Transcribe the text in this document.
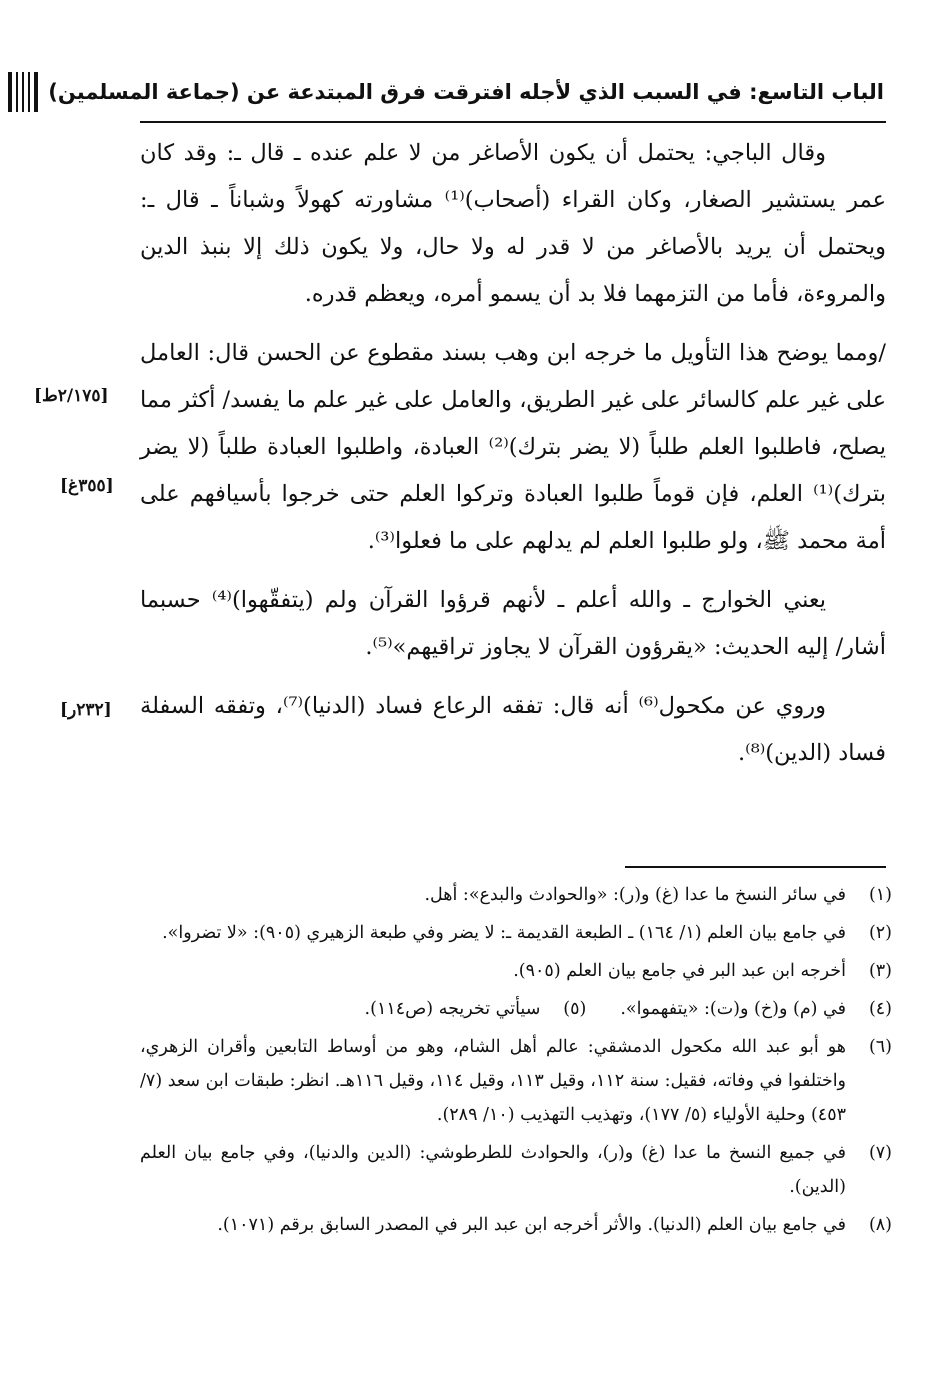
الباب التاسع: في السبب الذي لأجله افترقت فرق المبتدعة عن (جماعة المسلمين)

وقال الباجي: يحتمل أن يكون الأصاغر من لا علم عنده ـ قال ـ: وقد كان عمر يستشير الصغار، وكان القراء (أصحاب)⁽¹⁾ مشاورته كهولاً وشباناً ـ قال ـ: ويحتمل أن يريد بالأصاغر من لا قدر له ولا حال، ولا يكون ذلك إلا بنبذ الدين والمروءة، فأما من التزمهما فلا بد أن يسمو أمره، ويعظم قدره.

/ومما يوضح هذا التأويل ما خرجه ابن وهب بسند مقطوع عن الحسن قال: العامل على غير علم كالسائر على غير الطريق، والعامل على غير علم ما يفسد/ أكثر مما يصلح، فاطلبوا العلم طلباً (لا يضر بترك)⁽²⁾ العبادة، واطلبوا العبادة طلباً (لا يضر بترك)⁽¹⁾ العلم، فإن قوماً طلبوا العبادة وتركوا العلم حتى خرجوا بأسيافهم على أمة محمد ﷺ، ولو طلبوا العلم لم يدلهم على ما فعلوا⁽³⁾.

يعني الخوارج ـ والله أعلم ـ لأنهم قرؤوا القرآن ولم (يتفقّهوا)⁽⁴⁾ حسبما أشار/ إليه الحديث: «يقرؤون القرآن لا يجاوز تراقيهم»⁽⁵⁾.

وروي عن مكحول⁽⁶⁾ أنه قال: تفقه الرعاع فساد (الدنيا)⁽⁷⁾، وتفقه السفلة فساد (الدين)⁽⁸⁾.

[٢/١٧٥ط]
[٣٥٥غ]
[٢٣٢ر]
(١)
في سائر النسخ ما عدا (غ) و(ر): «والحوادث والبدع»: أهل.
(٢)
في جامع بيان العلم (١/ ١٦٤) ـ الطبعة القديمة ـ: لا يضر وفي طبعة الزهيري (٩٠٥): «لا تضروا».
(٣)
أخرجه ابن عبد البر في جامع بيان العلم (٩٠٥).
(٤)
في (م) و(خ) و(ت): «يتفهموا».
(٥)
سيأتي تخريجه (ص١١٤).
(٦)
هو أبو عبد الله مكحول الدمشقي: عالم أهل الشام، وهو من أوساط التابعين وأقران الزهري، واختلفوا في وفاته، فقيل: سنة ١١٢، وقيل ١١٣، وقيل ١١٤، وقيل ١١٦هـ. انظر: طبقات ابن سعد (٧/ ٤٥٣) وحلية الأولياء (٥/ ١٧٧)، وتهذيب التهذيب (١٠/ ٢٨٩).
(٧)
في جميع النسخ ما عدا (غ) و(ر)، والحوادث للطرطوشي: (الدين والدنيا)، وفي جامع بيان العلم (الدين).
(٨)
في جامع بيان العلم (الدنيا). والأثر أخرجه ابن عبد البر في المصدر السابق برقم (١٠٧١).
